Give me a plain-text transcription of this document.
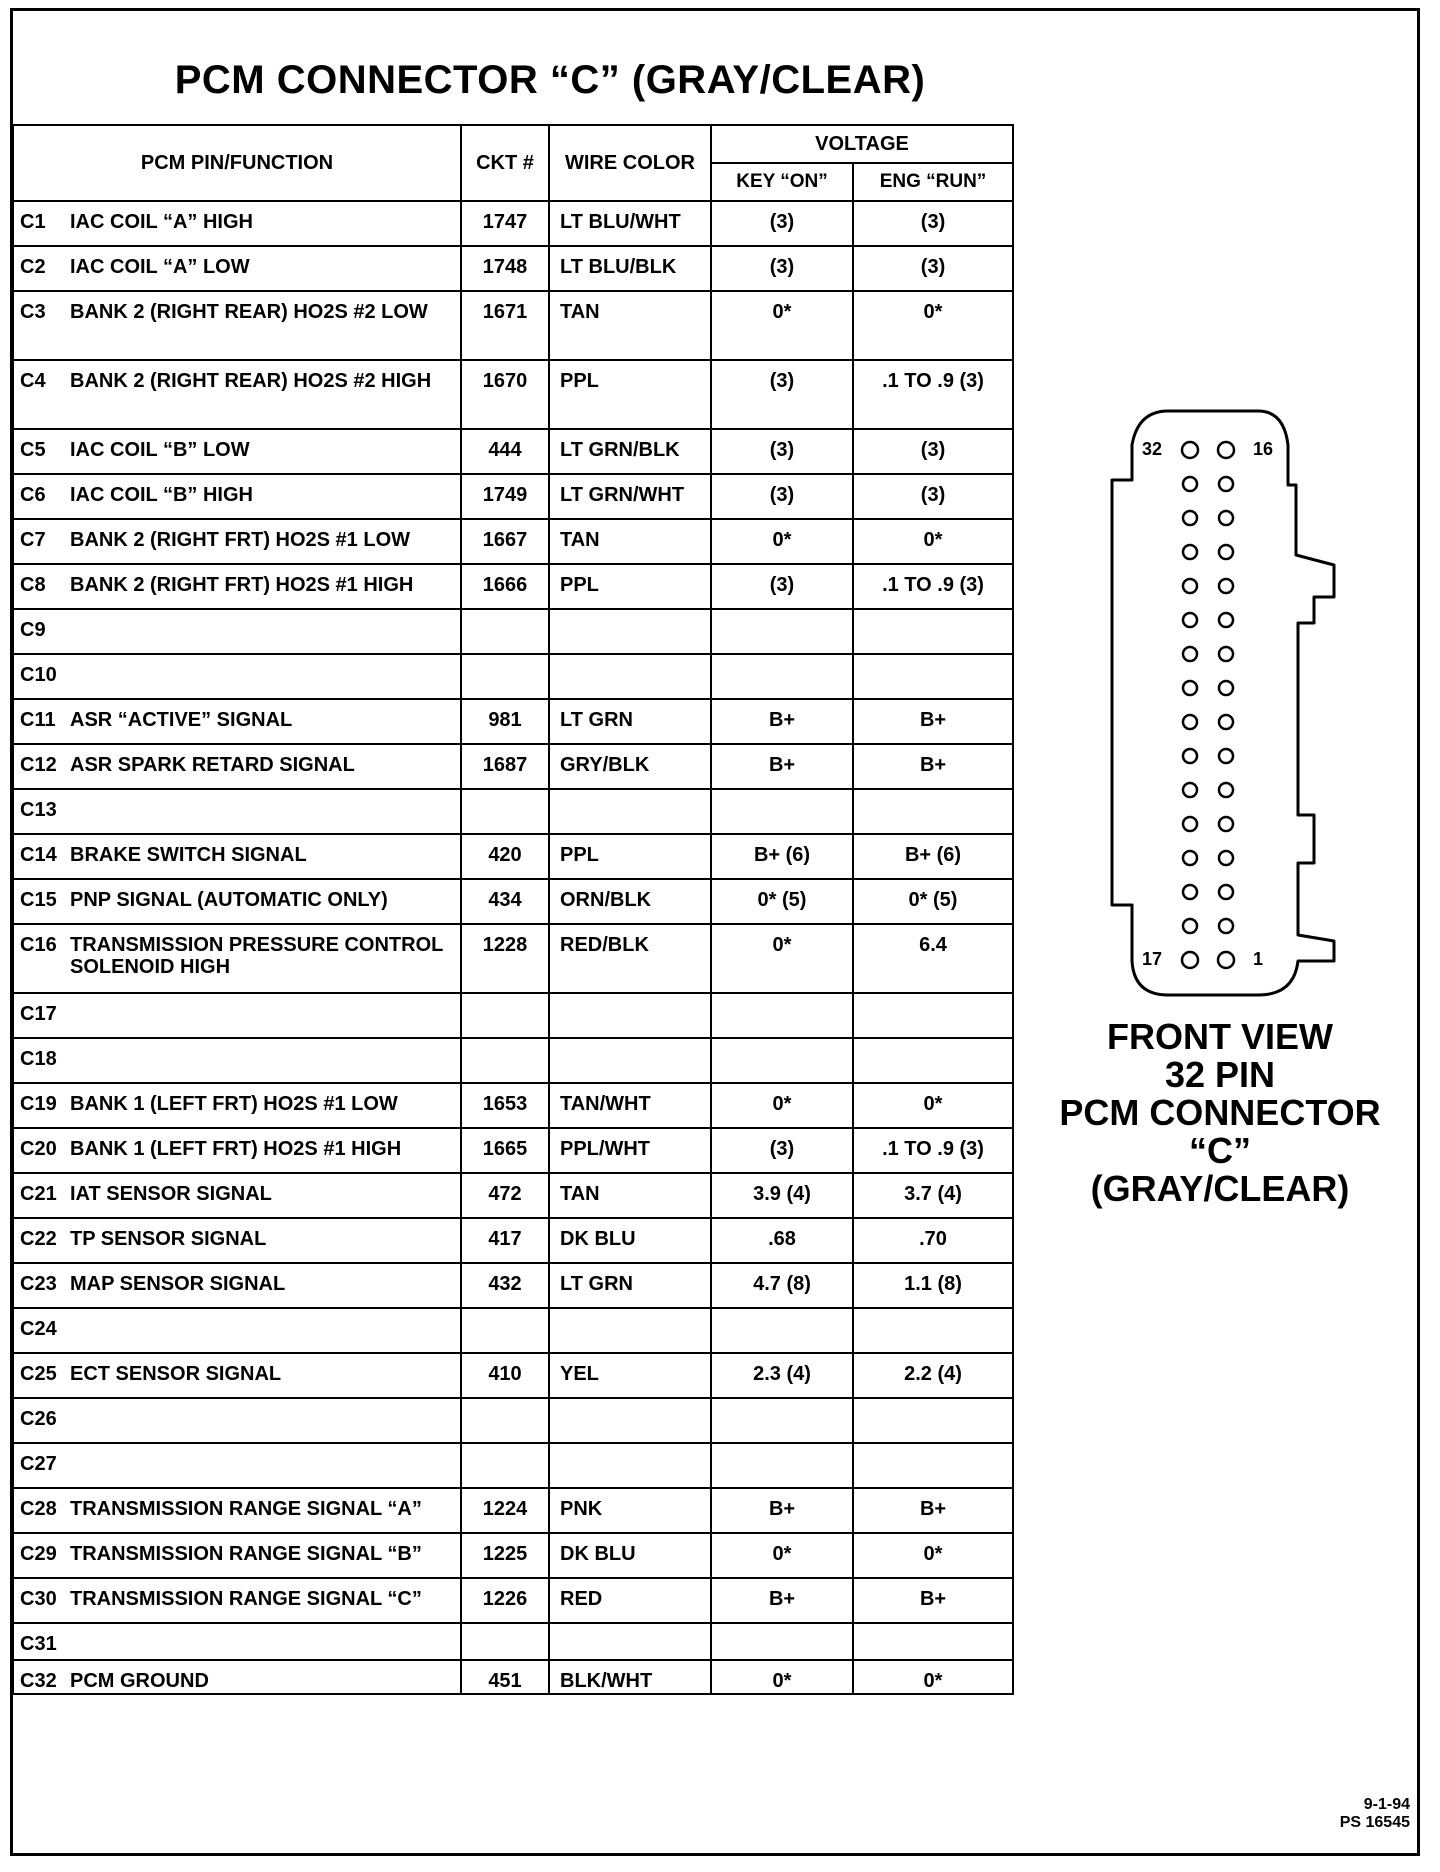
PCM CONNECTOR “C” (GRAY/CLEAR)
PCM PIN/FUNCTION	CKT #	WIRE COLOR	VOLTAGE	
			KEY “ON”	ENG “RUN”
C1 IAC COIL “A” HIGH	1747	LT BLU/WHT	(3)	(3)
C2 IAC COIL “A” LOW	1748	LT BLU/BLK	(3)	(3)
C3 BANK 2 (RIGHT REAR) HO2S #2 LOW	1671	TAN	0*	0*
C4 BANK 2 (RIGHT REAR) HO2S #2 HIGH	1670	PPL	(3)	.1 TO .9 (3)
C5 IAC COIL “B” LOW	444	LT GRN/BLK	(3)	(3)
C6 IAC COIL “B” HIGH	1749	LT GRN/WHT	(3)	(3)
C7 BANK 2 (RIGHT FRT) HO2S #1 LOW	1667	TAN	0*	0*
C8 BANK 2 (RIGHT FRT) HO2S #1 HIGH	1666	PPL	(3)	.1 TO .9 (3)
C9				
C10				
C11 ASR “ACTIVE” SIGNAL	981	LT GRN	B+	B+
C12 ASR SPARK RETARD SIGNAL	1687	GRY/BLK	B+	B+
C13				
C14 BRAKE SWITCH SIGNAL	420	PPL	B+ (6)	B+ (6)
C15 PNP SIGNAL (AUTOMATIC ONLY)	434	ORN/BLK	0* (5)	0* (5)
C16 TRANSMISSION PRESSURE CONTROL SOLENOID HIGH	1228	RED/BLK	0*	6.4
C17				
C18				
C19 BANK 1 (LEFT FRT) HO2S #1 LOW	1653	TAN/WHT	0*	0*
C20 BANK 1 (LEFT FRT) HO2S #1 HIGH	1665	PPL/WHT	(3)	.1 TO .9 (3)
C21 IAT SENSOR SIGNAL	472	TAN	3.9 (4)	3.7 (4)
C22 TP SENSOR SIGNAL	417	DK BLU	.68	.70
C23 MAP SENSOR SIGNAL	432	LT GRN	4.7 (8)	1.1 (8)
C24				
C25 ECT SENSOR SIGNAL	410	YEL	2.3 (4)	2.2 (4)
C26				
C27				
C28 TRANSMISSION RANGE SIGNAL “A”	1224	PNK	B+	B+
C29 TRANSMISSION RANGE SIGNAL “B”	1225	DK BLU	0*	0*
C30 TRANSMISSION RANGE SIGNAL “C”	1226	RED	B+	B+
C31				
C32 PCM GROUND	451	BLK/WHT	0*	0*
32	16
17	1
FRONT VIEW
32 PIN
PCM CONNECTOR
“C”
(GRAY/CLEAR)
9-1-94
PS 16545
